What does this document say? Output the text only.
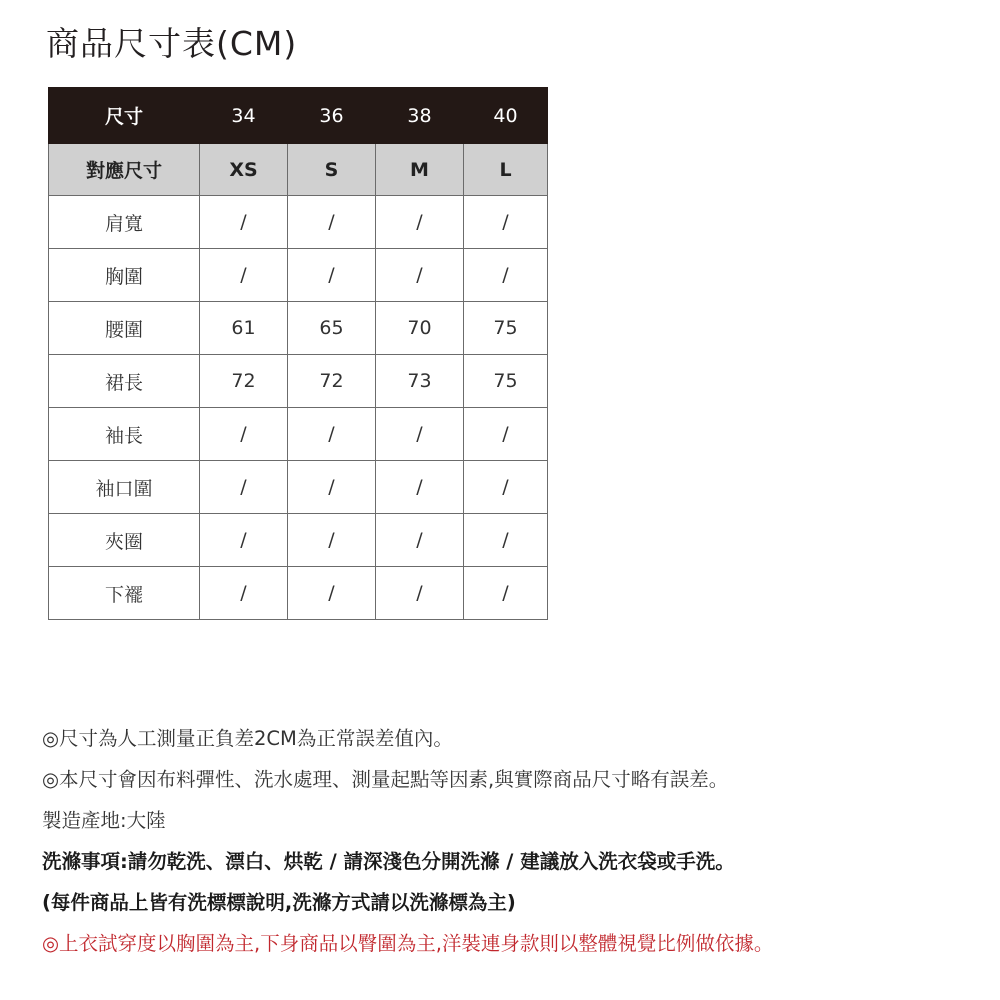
商品尺寸表(CM)
尺寸	34	36	38	40
對應尺寸	XS	S	M	L
肩寬	/	/	/	/
胸圍	/	/	/	/
腰圍	61	65	70	75
裙長	72	72	73	75
袖長	/	/	/	/
袖口圍	/	/	/	/
夾圈	/	/	/	/
下襬	/	/	/	/
◎尺寸為人工測量正負差2CM為正常誤差值內。
◎本尺寸會因布料彈性、洗水處理、測量起點等因素,與實際商品尺寸略有誤差。
製造產地:大陸
洗滌事項:請勿乾洗、漂白、烘乾 / 請深淺色分開洗滌 / 建議放入洗衣袋或手洗。
(每件商品上皆有洗標標說明,洗滌方式請以洗滌標為主)
◎上衣試穿度以胸圍為主,下身商品以臀圍為主,洋裝連身款則以整體視覺比例做依據。
